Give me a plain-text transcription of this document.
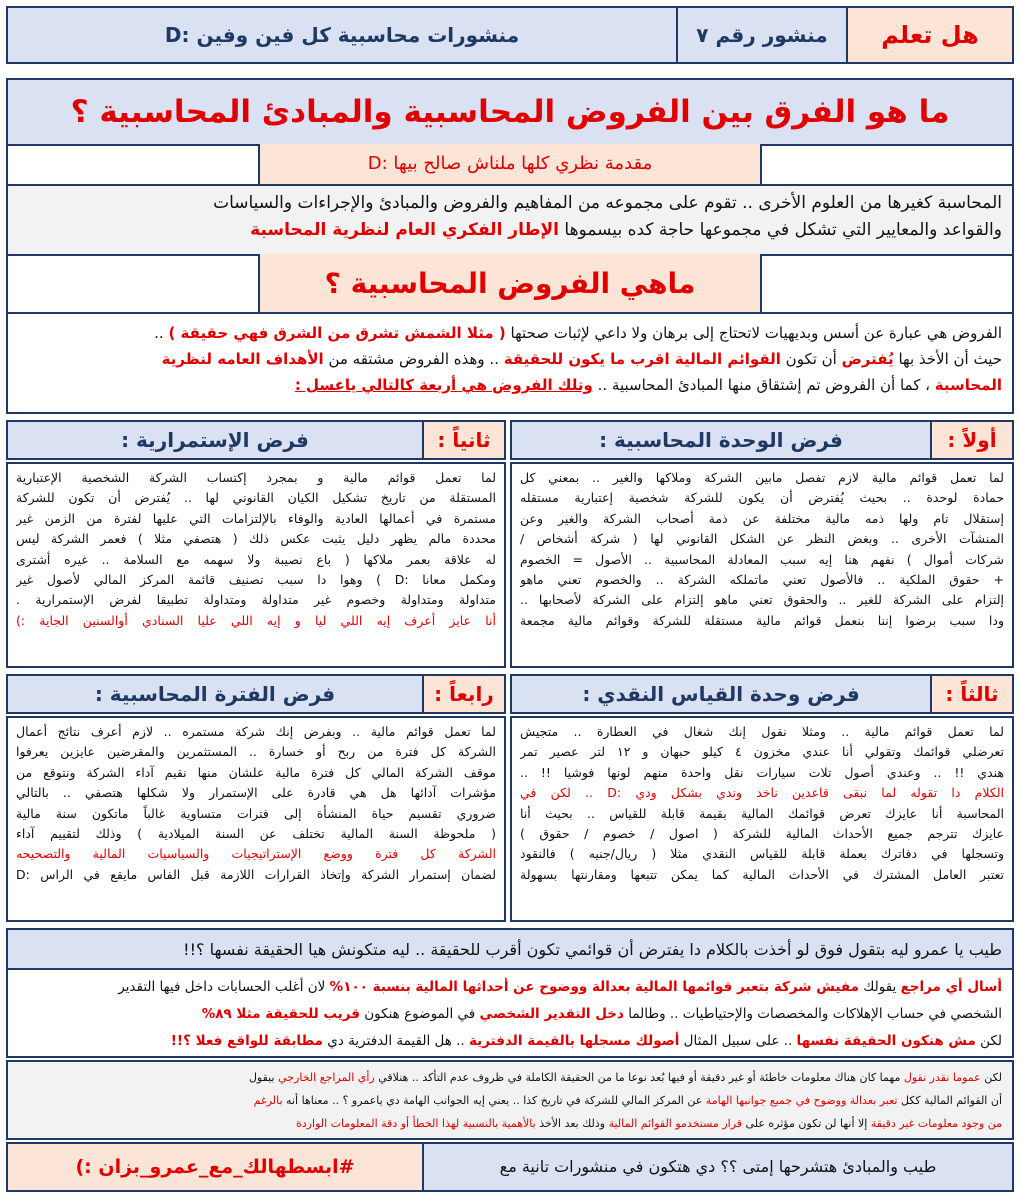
هل تعلم
منشور رقم ٧
منشورات محاسبية كل فين وفين :D
ما هو الفرق بين الفروض المحاسبية والمبادئ المحاسبية ؟
مقدمة نظري كلها ملناش صالح بيها :D
المحاسبة كغيرها من العلوم الأخرى .. تقوم على مجموعه من المفاهيم والفروض والمبادئ والإجراءات والسياسات
والقواعد والمعايير التي تشكل في مجموعها حاجة كده بيسموها الإطار الفكري العام لنظرية المحاسبة
ماهي الفروض المحاسبية ؟
الفروض هي عبارة عن أسس وبديهيات لاتحتاج إلى برهان ولا داعي لإثبات صحتها ( مثلا الشمش تشرق من الشرق فهي حقيقة ) ..
حيث أن الأخذ بها يُفترض أن تكون القوائم المالية اقرب ما يكون للحقيقة .. وهذه الفروض مشتقه من الأهداف العامه لنظرية
المحاسبة ، كما أن الفروض تم إشتقاق منها المبادئ المحاسبية .. وتلك الفروض هي أربعة كالتالي ياعسل :
أولاً :
فرض الوحدة المحاسبية :
ثانياً :
فرض الإستمرارية :
لما تعمل قوائم مالية لازم تفصل مابين الشركة وملاكها والغير .. بمعني كل
حمادة لوحدة .. بحيث يُفترض أن يكون للشركة شخصية إعتبارية مستقله
إستقلال تام ولها ذمه مالية مختلفة عن ذمة أصحاب الشركة والغير وعن
المنشآت الأخرى .. وبغض النظر عن الشكل القانوني لها ( شركة أشخاص /
شركات أموال ) نفهم هنا إيه سبب المعادلة المحاسبية .. الأصول = الخصوم
+ حقوق الملكية .. فالأصول تعني ماتملكه الشركة .. والخصوم تعني ماهو
إلتزام على الشركة للغير .. والحقوق تعني ماهو إلتزام على الشركة لأصحابها ..
ودا سبب برضوا إننا بنعمل قوائم مالية مستقلة للشركة وقوائم مالية مجمعة
لما تعمل قوائم مالية و بمجرد إكتساب الشركة الشخصية الإعتبارية
المستقلة من تاريخ تشكيل الكيان القانوني لها .. يُفترض أن تكون للشركة
مستمرة في أعمالها العادية والوفاء بالإلتزامات التي عليها لفترة من الزمن غير
محددة مالم يظهر دليل يثبت عكس ذلك ( هتصفي مثلا ) فعمر الشركة ليس
له علاقة بعمر ملاكها ( باع نصيبة ولا سهمه مع السلامة .. غيره أشترى
ومكمل معانا :D ) وهوا دا سبب تصنيف قائمة المركز المالي لأصول غير
متداولة ومتداولة وخصوم غير متداولة ومتداولة تطبيقا لفرض الإستمرارية .
أنا عايز أعرف إيه اللي ليا و إيه اللي عليا السنادي أوالسنين الجاية :)
ثالثاً :
فرض وحدة القياس النقدي :
رابعاً :
فرض الفترة المحاسبية :
لما تعمل قوائم مالية .. ومثلا نقول إنك شغال في العطارة .. متجيش
تعرضلي قوائمك وتقولي أنا عندي مخزون ٤ كيلو حبهان و ١٢ لتر عصير تمر
هندي !! .. وعندي أصول تلات سيارات نقل واحدة منهم لونها فوشيا !! ..
الكلام دا تقوله لما نبقى قاعدين ناخد وندي بشكل ودي :D .. لكن في
المحاسبة أنا عايزك تعرض قوائمك المالية بقيمة قابلة للقياس .. بحيث أنا
عايزك تترجم جميع الأحداث المالية للشركة ( اصول / خصوم / حقوق )
وتسجلها في دفاترك بعملة قابلة للقياس النقدي مثلا ( ريال/جنيه ) فالنقود
تعتبر العامل المشترك في الأحداث المالية كما يمكن تتبعها ومقارنتها بسهولة
لما تعمل قوائم مالية .. وبفرض إنك شركة مستمره .. لازم أعرف نتائج أعمال
الشركة كل فترة من ربح أو خسارة .. المستثمرين والمقرضين عايزين يعرفوا
موقف الشركة المالي كل فترة مالية علشان منها نقيم آداء الشركة ونتوقع من
مؤشرات آدائها هل هي قادرة على الإستمرار ولا شكلها هتصفي .. بالتالي
ضروري تقسيم حياة المنشأة إلى فترات متساوية غالباً ماتكون سنة مالية
( ملحوظة السنة المالية تختلف عن السنة الميلادية ) وذلك لتقييم آداء
الشركة كل فترة ووضع الإستراتيجيات والسياسيات المالية والتصحيحه
لضمان إستمرار الشركة وإتخاذ القرارات اللازمة قبل الفاس مايقع في الراس :D
طيب يا عمرو ليه بتقول فوق لو أخذت بالكلام دا يفترض أن قوائمي تكون أقرب للحقيقة .. ليه متكونش هيا الحقيقة نفسها ؟!!
أسال أي مراجع يقولك مفيش شركة بتعبر قوائمها المالية بعدالة ووضوح عن أحداثها المالية بنسبة ١٠٠% لان أغلب الحسابات داخل فيها التقدير
الشخصي في حساب الإهلاكات والمخصصات والإحتياطيات .. وطالما دخل التقدير الشخصي في الموضوع هنكون قريب للحقيقة مثلا ٨٩%
لكن مش هنكون الحقيقة نفسها .. على سبيل المثال أصولك مسجلها بالقيمة الدفترية .. هل القيمة الدفترية دي مطابقة للواقع فعلا ؟!!
لكن عموما نقدر نقول مهما كان هناك معلومات خاطئة أو غير دقيقة أو فيها بُعد نوعا ما من الحقيقة الكاملة في ظروف عدم التأكد .. هنلاقي رأي المراجع الخارجي بيقول
أن القوائم المالية ككل تعبر بعدالة ووضوح في جميع جوانبها الهامة عن المركز المالي للشركة في تاريخ كذا .. يعني إيه الجوانب الهامة دي ياعمرو ؟ .. معناها أنه بالرغم
من وجود معلومات غير دقيقة إلا أنها لن تكون مؤثره على قرار مستخدمو القوائم المالية وذلك بعد الأخذ بالأهمية بالنسبية لهذا الخطأ أو دقة المعلومات الواردة
طيب والمبادئ هتشرحها إمتى ؟؟ دي هتكون في منشورات تانية مع
#ابسطهالك_مع_عمرو_بزان :)
